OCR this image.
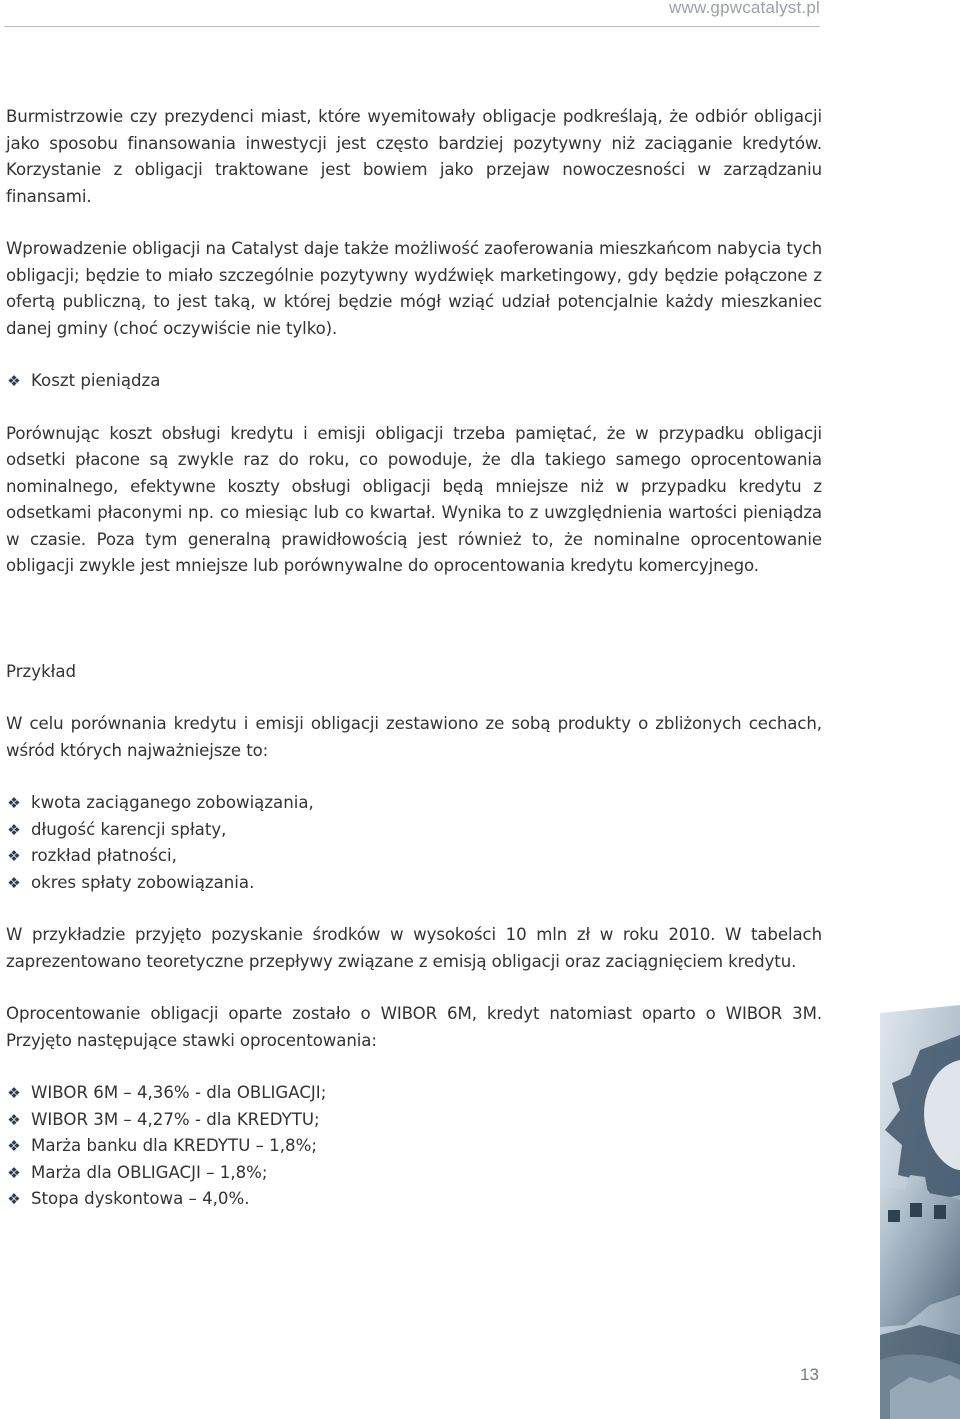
www.gpwcatalyst.pl

Burmistrzowie czy prezydenci miast, które wyemitowały obligacje podkreślają, że odbiór obligacji jako sposobu finansowania inwestycji jest często bardziej pozytywny niż zaciąganie kredytów. Korzystanie z obligacji traktowane jest bowiem jako przejaw nowoczesności w zarządzaniu finansami.

Wprowadzenie obligacji na Catalyst daje także możliwość zaoferowania mieszkańcom nabycia tych obligacji; będzie to miało szczególnie pozytywny wydźwięk marketingowy, gdy będzie połączone z ofertą publiczną, to jest taką, w której będzie mógł wziąć udział potencjalnie każdy mieszkaniec danej gminy (choć oczywiście nie tylko).

❖ Koszt pieniądza

Porównując koszt obsługi kredytu i emisji obligacji trzeba pamiętać, że w przypadku obligacji odsetki płacone są zwykle raz do roku, co powoduje, że dla takiego samego oprocentowania nominalnego, efektywne koszty obsługi obligacji będą mniejsze niż w przypadku kredytu z odsetkami płaconymi np. co miesiąc lub co kwartał. Wynika to z uwzględnienia wartości pieniądza w czasie. Poza tym generalną prawidłowością jest również to, że nominalne oprocentowanie obligacji zwykle jest mniejsze lub porównywalne do oprocentowania kredytu komercyjnego.

Przykład

W celu porównania kredytu i emisji obligacji zestawiono ze sobą produkty o zbliżonych cechach, wśród których najważniejsze to:

❖ kwota zaciąganego zobowiązania,
❖ długość karencji spłaty,
❖ rozkład płatności,
❖ okres spłaty zobowiązania.

W przykładzie przyjęto pozyskanie środków w wysokości 10 mln zł w roku 2010. W tabelach zaprezentowano teoretyczne przepływy związane z emisją obligacji oraz zaciągnięciem kredytu.

Oprocentowanie obligacji oparte zostało o WIBOR 6M, kredyt natomiast oparto o WIBOR 3M. Przyjęto następujące stawki oprocentowania:

❖ WIBOR 6M – 4,36% - dla OBLIGACJI;
❖ WIBOR 3M – 4,27% - dla KREDYTU;
❖ Marża banku dla KREDYTU – 1,8%;
❖ Marża dla OBLIGACJI – 1,8%;
❖ Stopa dyskontowa – 4,0%.
13
